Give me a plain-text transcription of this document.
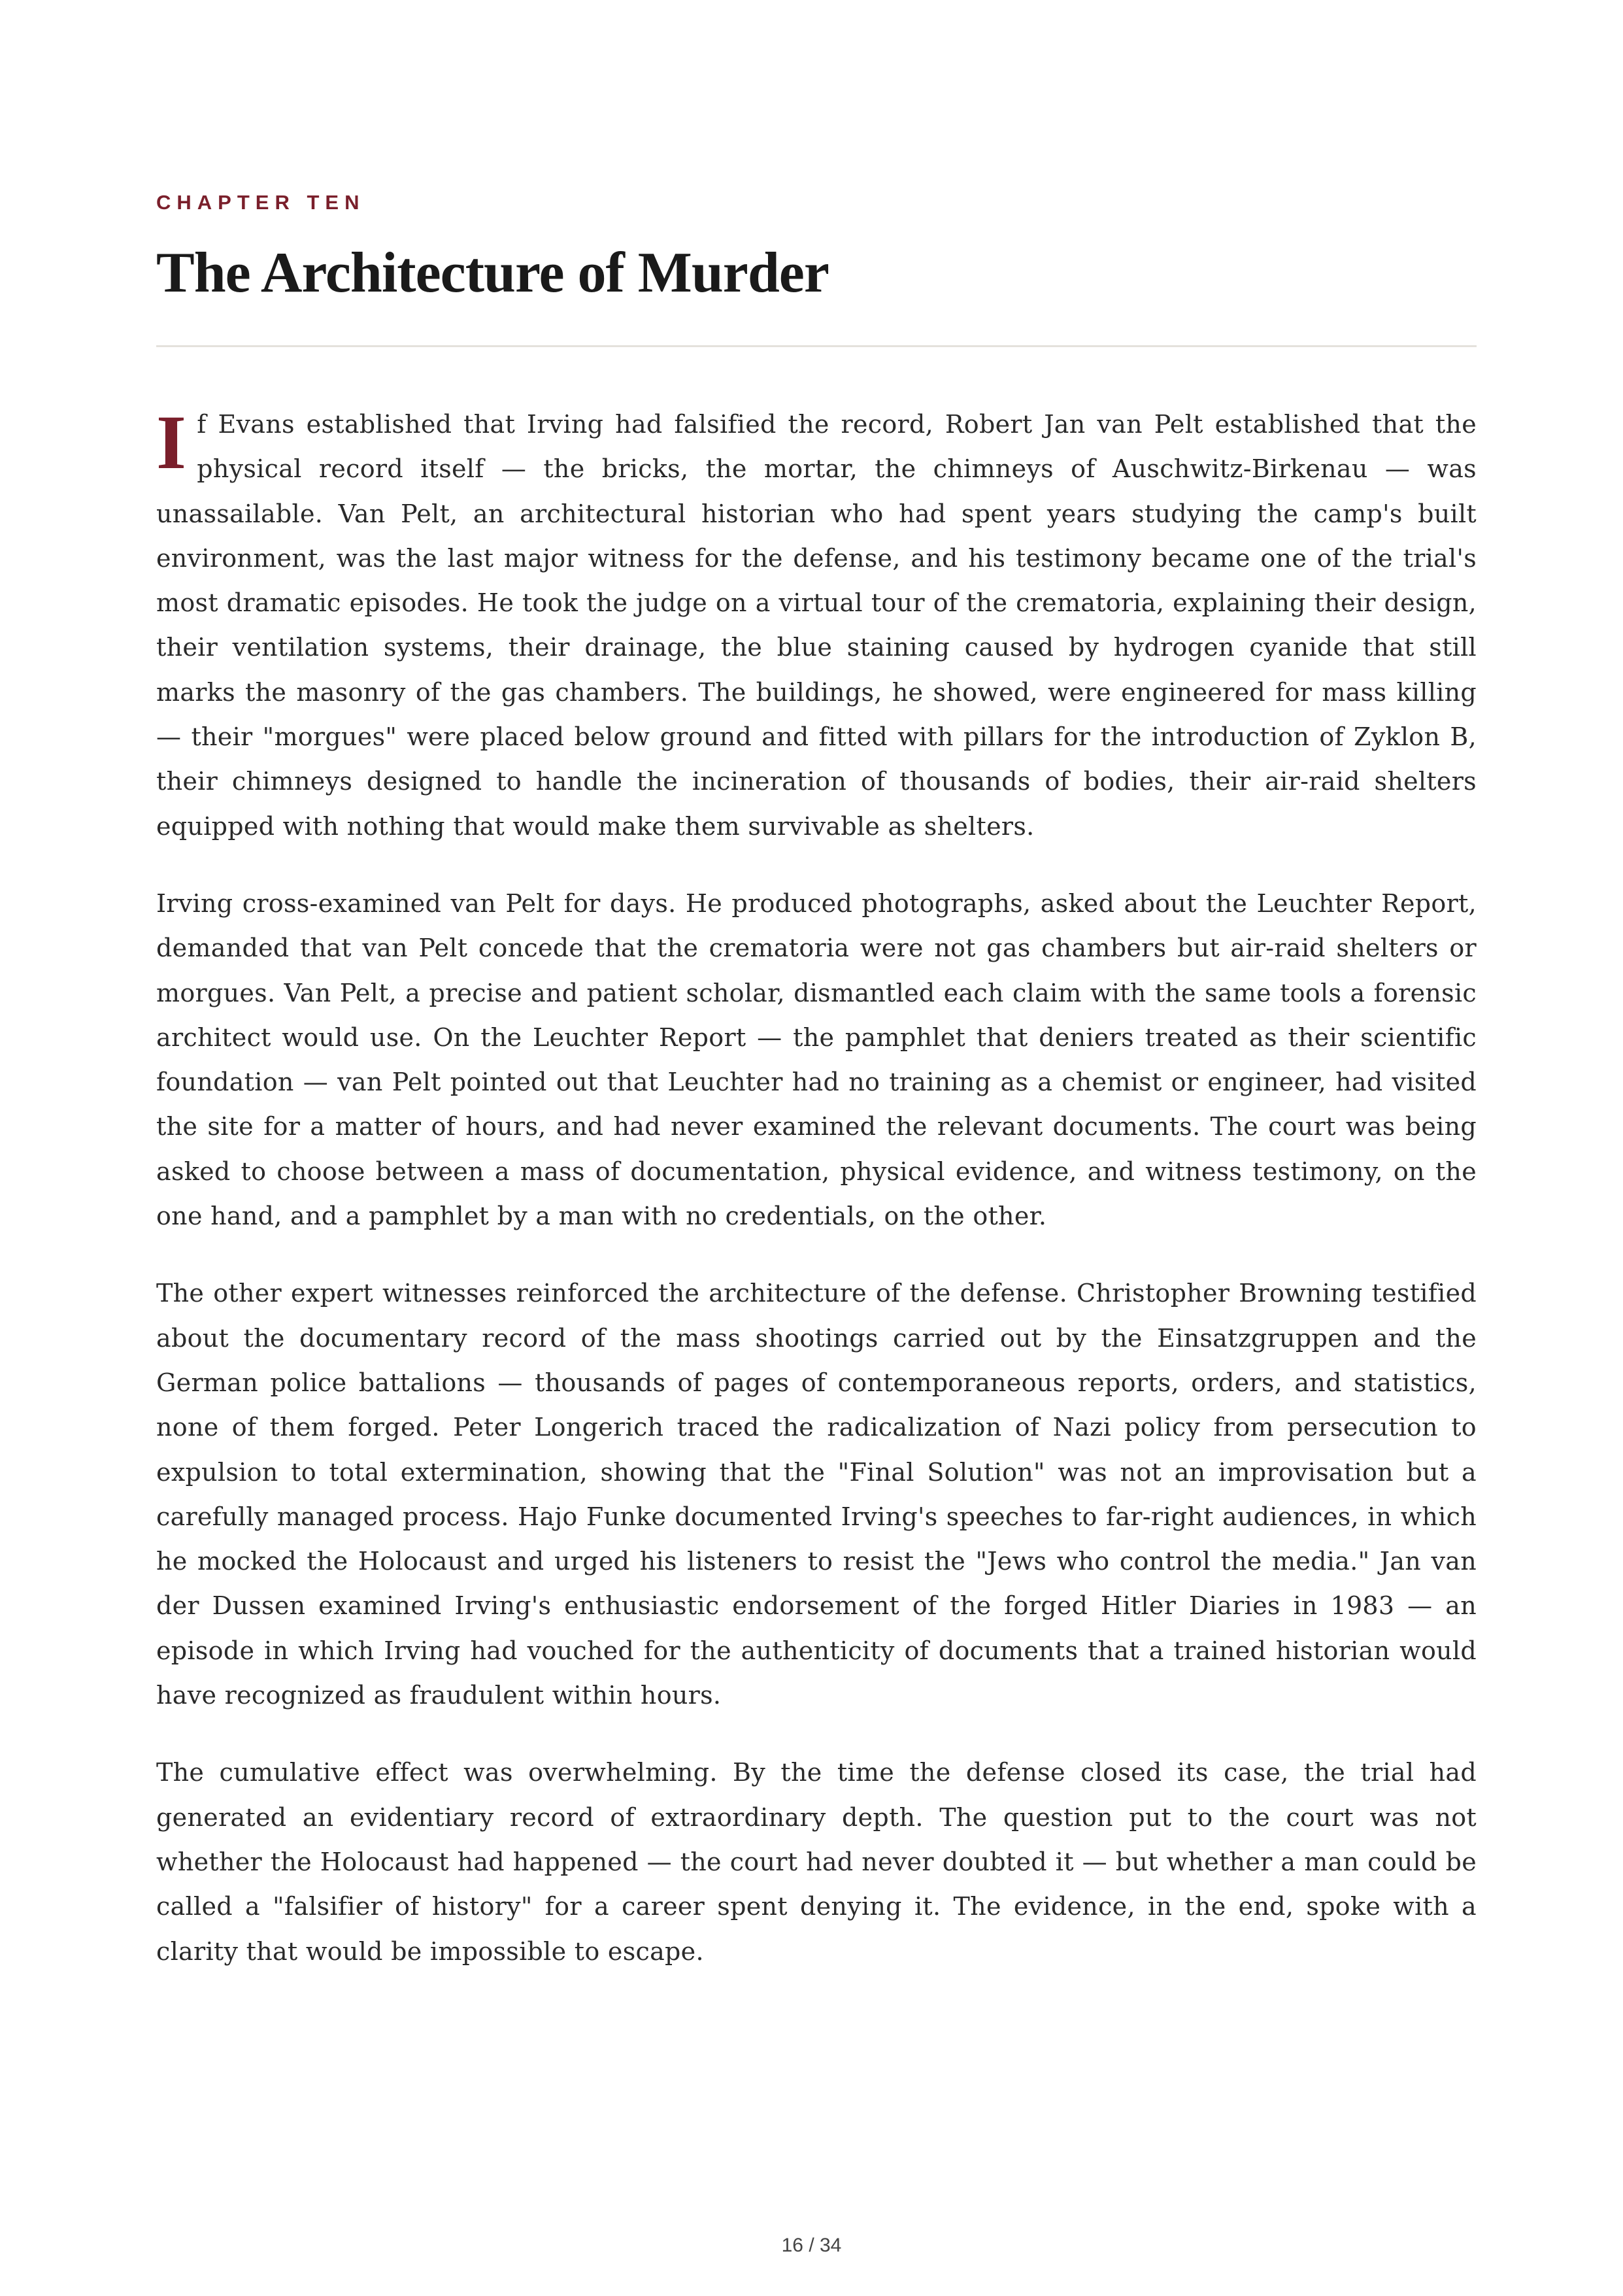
CHAPTER TEN
The Architecture of Murder

If Evans established that Irving had falsified the record, Robert Jan van Pelt established that the physical record itself — the bricks, the mortar, the chimneys of Auschwitz-Birkenau — was unassailable. Van Pelt, an architectural historian who had spent years studying the camp's built environment, was the last major witness for the defense, and his testimony became one of the trial's most dramatic episodes. He took the judge on a virtual tour of the crematoria, explaining their design, their ventilation systems, their drainage, the blue staining caused by hydrogen cyanide that still marks the masonry of the gas chambers. The buildings, he showed, were engineered for mass killing — their "morgues" were placed below ground and fitted with pillars for the introduction of Zyklon B, their chimneys designed to handle the incineration of thousands of bodies, their air-raid shelters equipped with nothing that would make them survivable as shelters.

Irving cross-examined van Pelt for days. He produced photographs, asked about the Leuchter Report, demanded that van Pelt concede that the crematoria were not gas chambers but air-raid shelters or morgues. Van Pelt, a precise and patient scholar, dismantled each claim with the same tools a forensic architect would use. On the Leuchter Report — the pamphlet that deniers treated as their scientific foundation — van Pelt pointed out that Leuchter had no training as a chemist or engineer, had visited the site for a matter of hours, and had never examined the relevant documents. The court was being asked to choose between a mass of documentation, physical evidence, and witness testimony, on the one hand, and a pamphlet by a man with no credentials, on the other.

The other expert witnesses reinforced the architecture of the defense. Christopher Browning testified about the documentary record of the mass shootings carried out by the Einsatzgruppen and the German police battalions — thousands of pages of contemporaneous reports, orders, and statistics, none of them forged. Peter Longerich traced the radicalization of Nazi policy from persecution to expulsion to total extermination, showing that the "Final Solution" was not an improvisation but a carefully managed process. Hajo Funke documented Irving's speeches to far-right audiences, in which he mocked the Holocaust and urged his listeners to resist the "Jews who control the media." Jan van der Dussen examined Irving's enthusiastic endorsement of the forged Hitler Diaries in 1983 — an episode in which Irving had vouched for the authenticity of documents that a trained historian would have recognized as fraudulent within hours.

The cumulative effect was overwhelming. By the time the defense closed its case, the trial had generated an evidentiary record of extraordinary depth. The question put to the court was not whether the Holocaust had happened — the court had never doubted it — but whether a man could be called a "falsifier of history" for a career spent denying it. The evidence, in the end, spoke with a clarity that would be impossible to escape.

16 / 34
